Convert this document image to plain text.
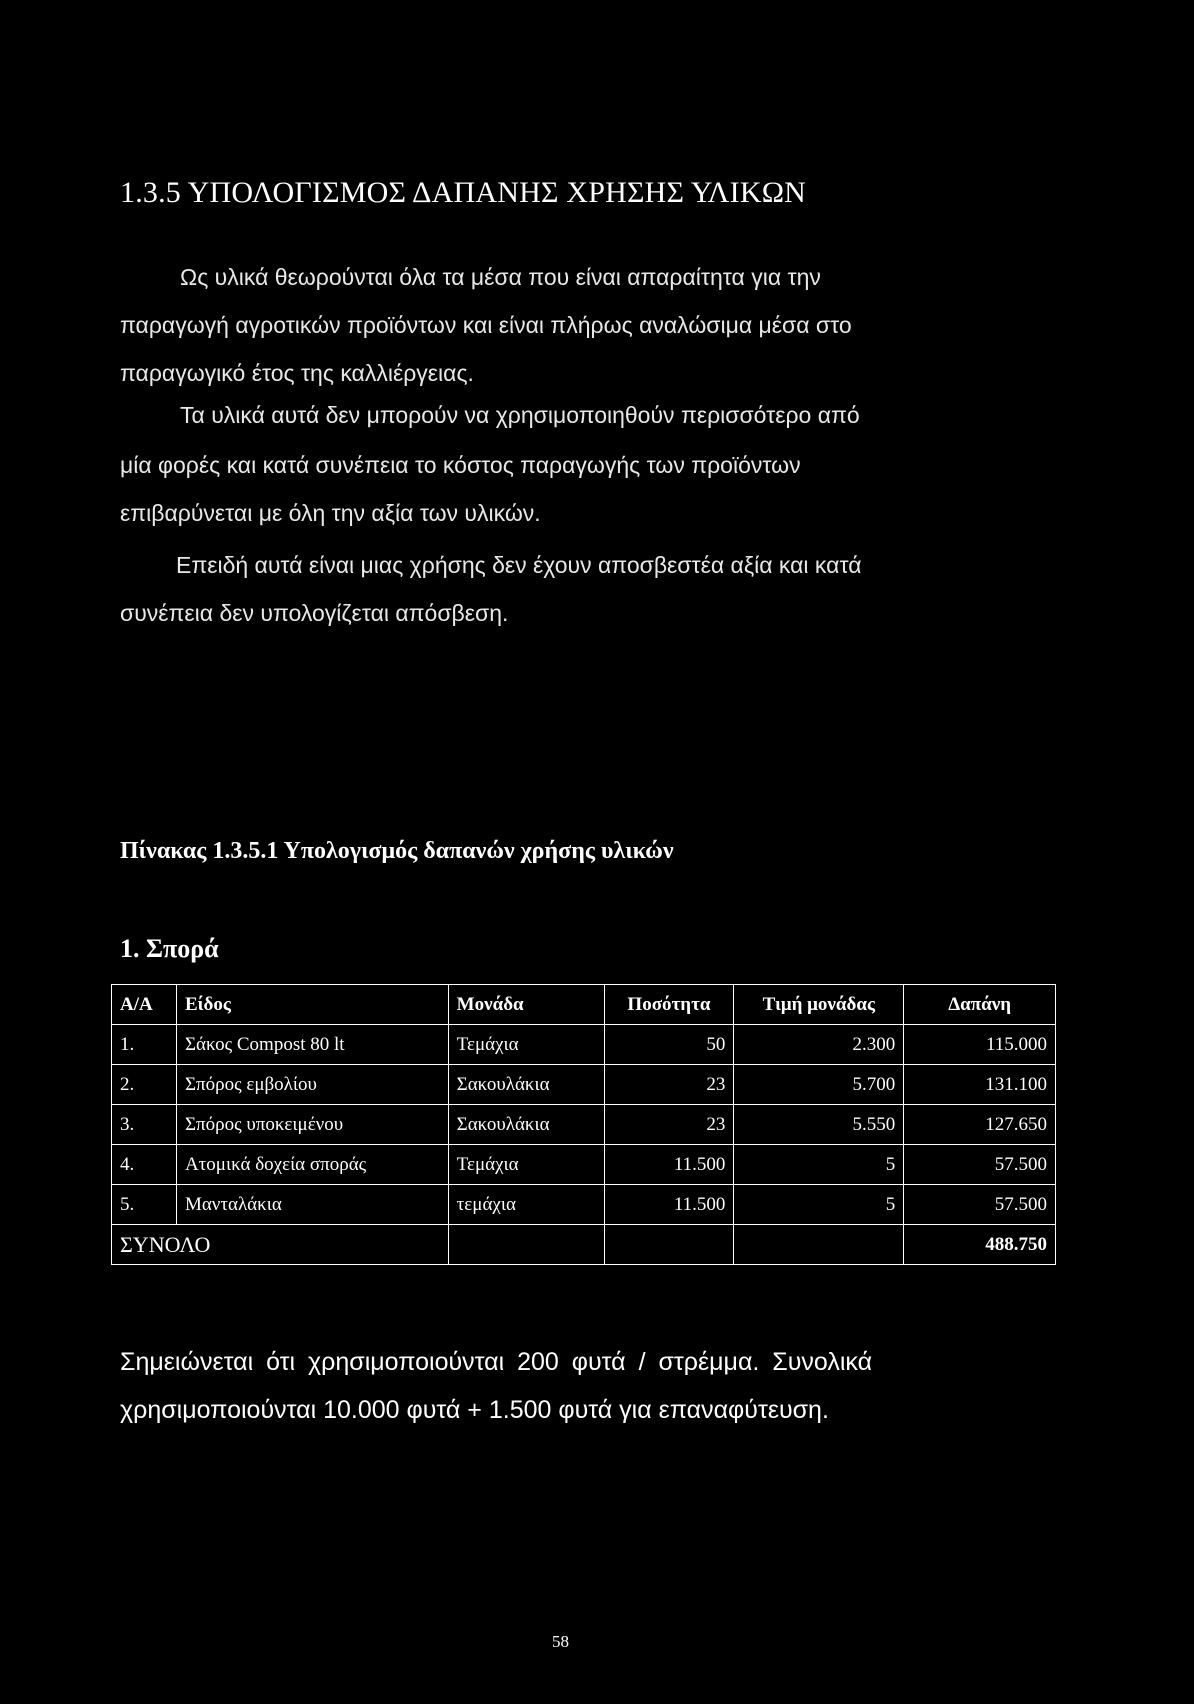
1.3.5 ΥΠΟΛΟΓΙΣΜΟΣ ΔΑΠΑΝΗΣ ΧΡΗΣΗΣ ΥΛΙΚΩΝ
Ως υλικά θεωρούνται όλα τα μέσα που είναι απαραίτητα για την
παραγωγή αγροτικών προϊόντων και είναι πλήρως αναλώσιμα μέσα στο
παραγωγικό έτος της καλλιέργειας.
Τα υλικά αυτά δεν μπορούν να χρησιμοποιηθούν περισσότερο από
μία φορές και κατά συνέπεια το κόστος παραγωγής των προϊόντων
επιβαρύνεται με όλη την αξία των υλικών.
Επειδή αυτά είναι μιας χρήσης δεν έχουν αποσβεστέα αξία και κατά
συνέπεια δεν υπολογίζεται απόσβεση.
Πίνακας 1.3.5.1 Υπολογισμός δαπανών χρήσης υλικών
1. Σπορά
Α/Α	Είδος	Μονάδα	Ποσότητα	Τιμή μονάδας	Δαπάνη
1.	Σάκος Compost 80 lt	Τεμάχια	50	2.300	115.000
2.	Σπόρος εμβολίου	Σακουλάκια	23	5.700	131.100
3.	Σπόρος υποκειμένου	Σακουλάκια	23	5.550	127.650
4.	Ατομικά δοχεία σποράς	Τεμάχια	11.500	5	57.500
5.	Μανταλάκια	τεμάχια	11.500	5	57.500
ΣΥΝΟΛΟ					488.750
Σημειώνεται ότι χρησιμοποιούνται 200 φυτά / στρέμμα. Συνολικά
χρησιμοποιούνται 10.000 φυτά + 1.500 φυτά για επαναφύτευση.
58
